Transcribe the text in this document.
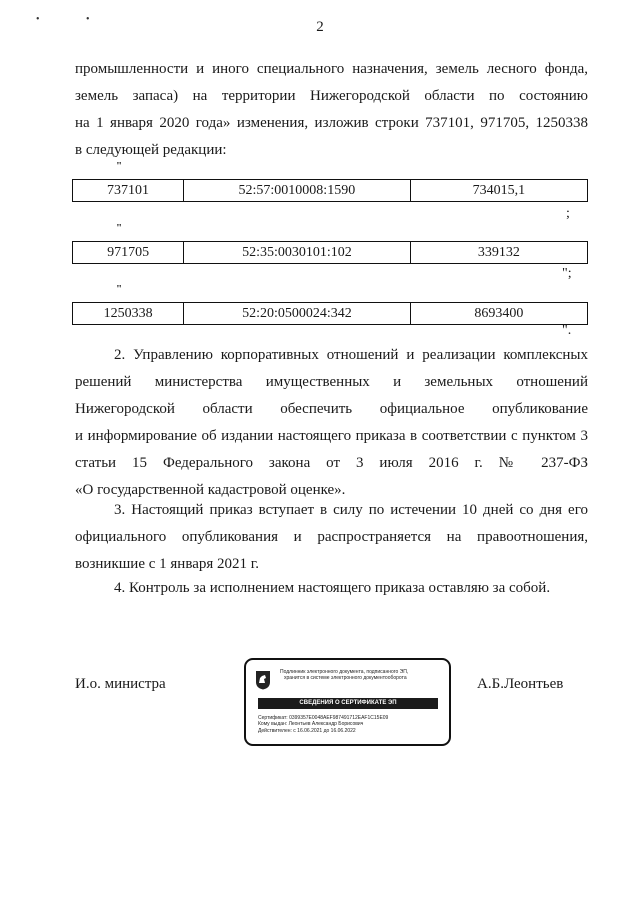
• •	2
промышленности и иного специального назначения, земель лесного фонда,
земель запаса) на территории Нижегородской области по состоянию
на 1 января 2020 года» изменения, изложив строки 737101, 971705, 1250338
в следующей редакции:
"
737101	52:57:0010008:1590	734015,1
;
"
971705	52:35:0030101:102	339132
";
"
1250338	52:20:0500024:342	8693400
".
2. Управлению корпоративных отношений и реализации комплексных
решений министерства имущественных и земельных отношений
Нижегородской области обеспечить официальное опубликование
и информирование об издании настоящего приказа в соответствии с пунктом 3
статьи 15 Федерального закона от 3 июля 2016 г. № 237-ФЗ
«О государственной кадастровой оценке».
3. Настоящий приказ вступает в силу по истечении 10 дней со дня его
официального опубликования и распространяется на правоотношения,
возникшие с 1 января 2021 г.
4. Контроль за исполнением настоящего приказа оставляю за собой.
И.о. министра	А.Б.Леонтьев
Подлинник электронного документа, подписанного ЭП,
хранится в системе электронного документооборота
СВЕДЕНИЯ О СЕРТИФИКАТЕ ЭП
Сертификат: 0399357E0048AEF987491712EAF1C15E09
Кому выдан: Леонтьев Александр Борисович
Действителен: с 16.06.2021 до 16.06.2022
